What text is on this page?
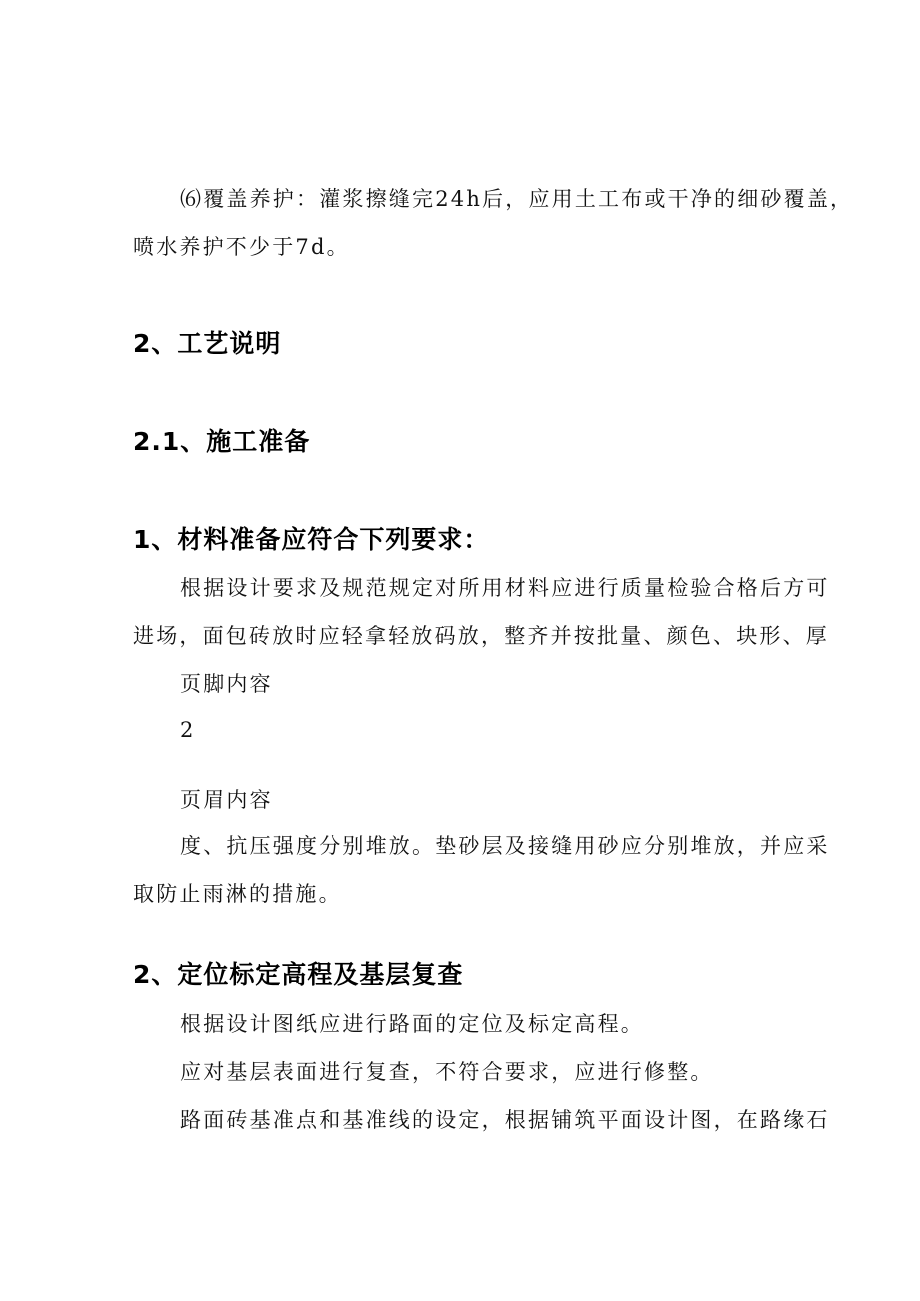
⑹覆盖养护：灌浆擦缝完24h后，应用土工布或干净的细砂覆盖，

喷水养护不少于7d。

2、工艺说明
2.1、施工准备
1、材料准备应符合下列要求：

根据设计要求及规范规定对所用材料应进行质量检验合格后方可

进场，面包砖放时应轻拿轻放码放，整齐并按批量、颜色、块形、厚

页脚内容

2

页眉内容

度、抗压强度分别堆放。垫砂层及接缝用砂应分别堆放，并应采

取防止雨淋的措施。

2、定位标定高程及基层复查

根据设计图纸应进行路面的定位及标定高程。

应对基层表面进行复查，不符合要求，应进行修整。

路面砖基准点和基准线的设定，根据铺筑平面设计图，在路缘石
